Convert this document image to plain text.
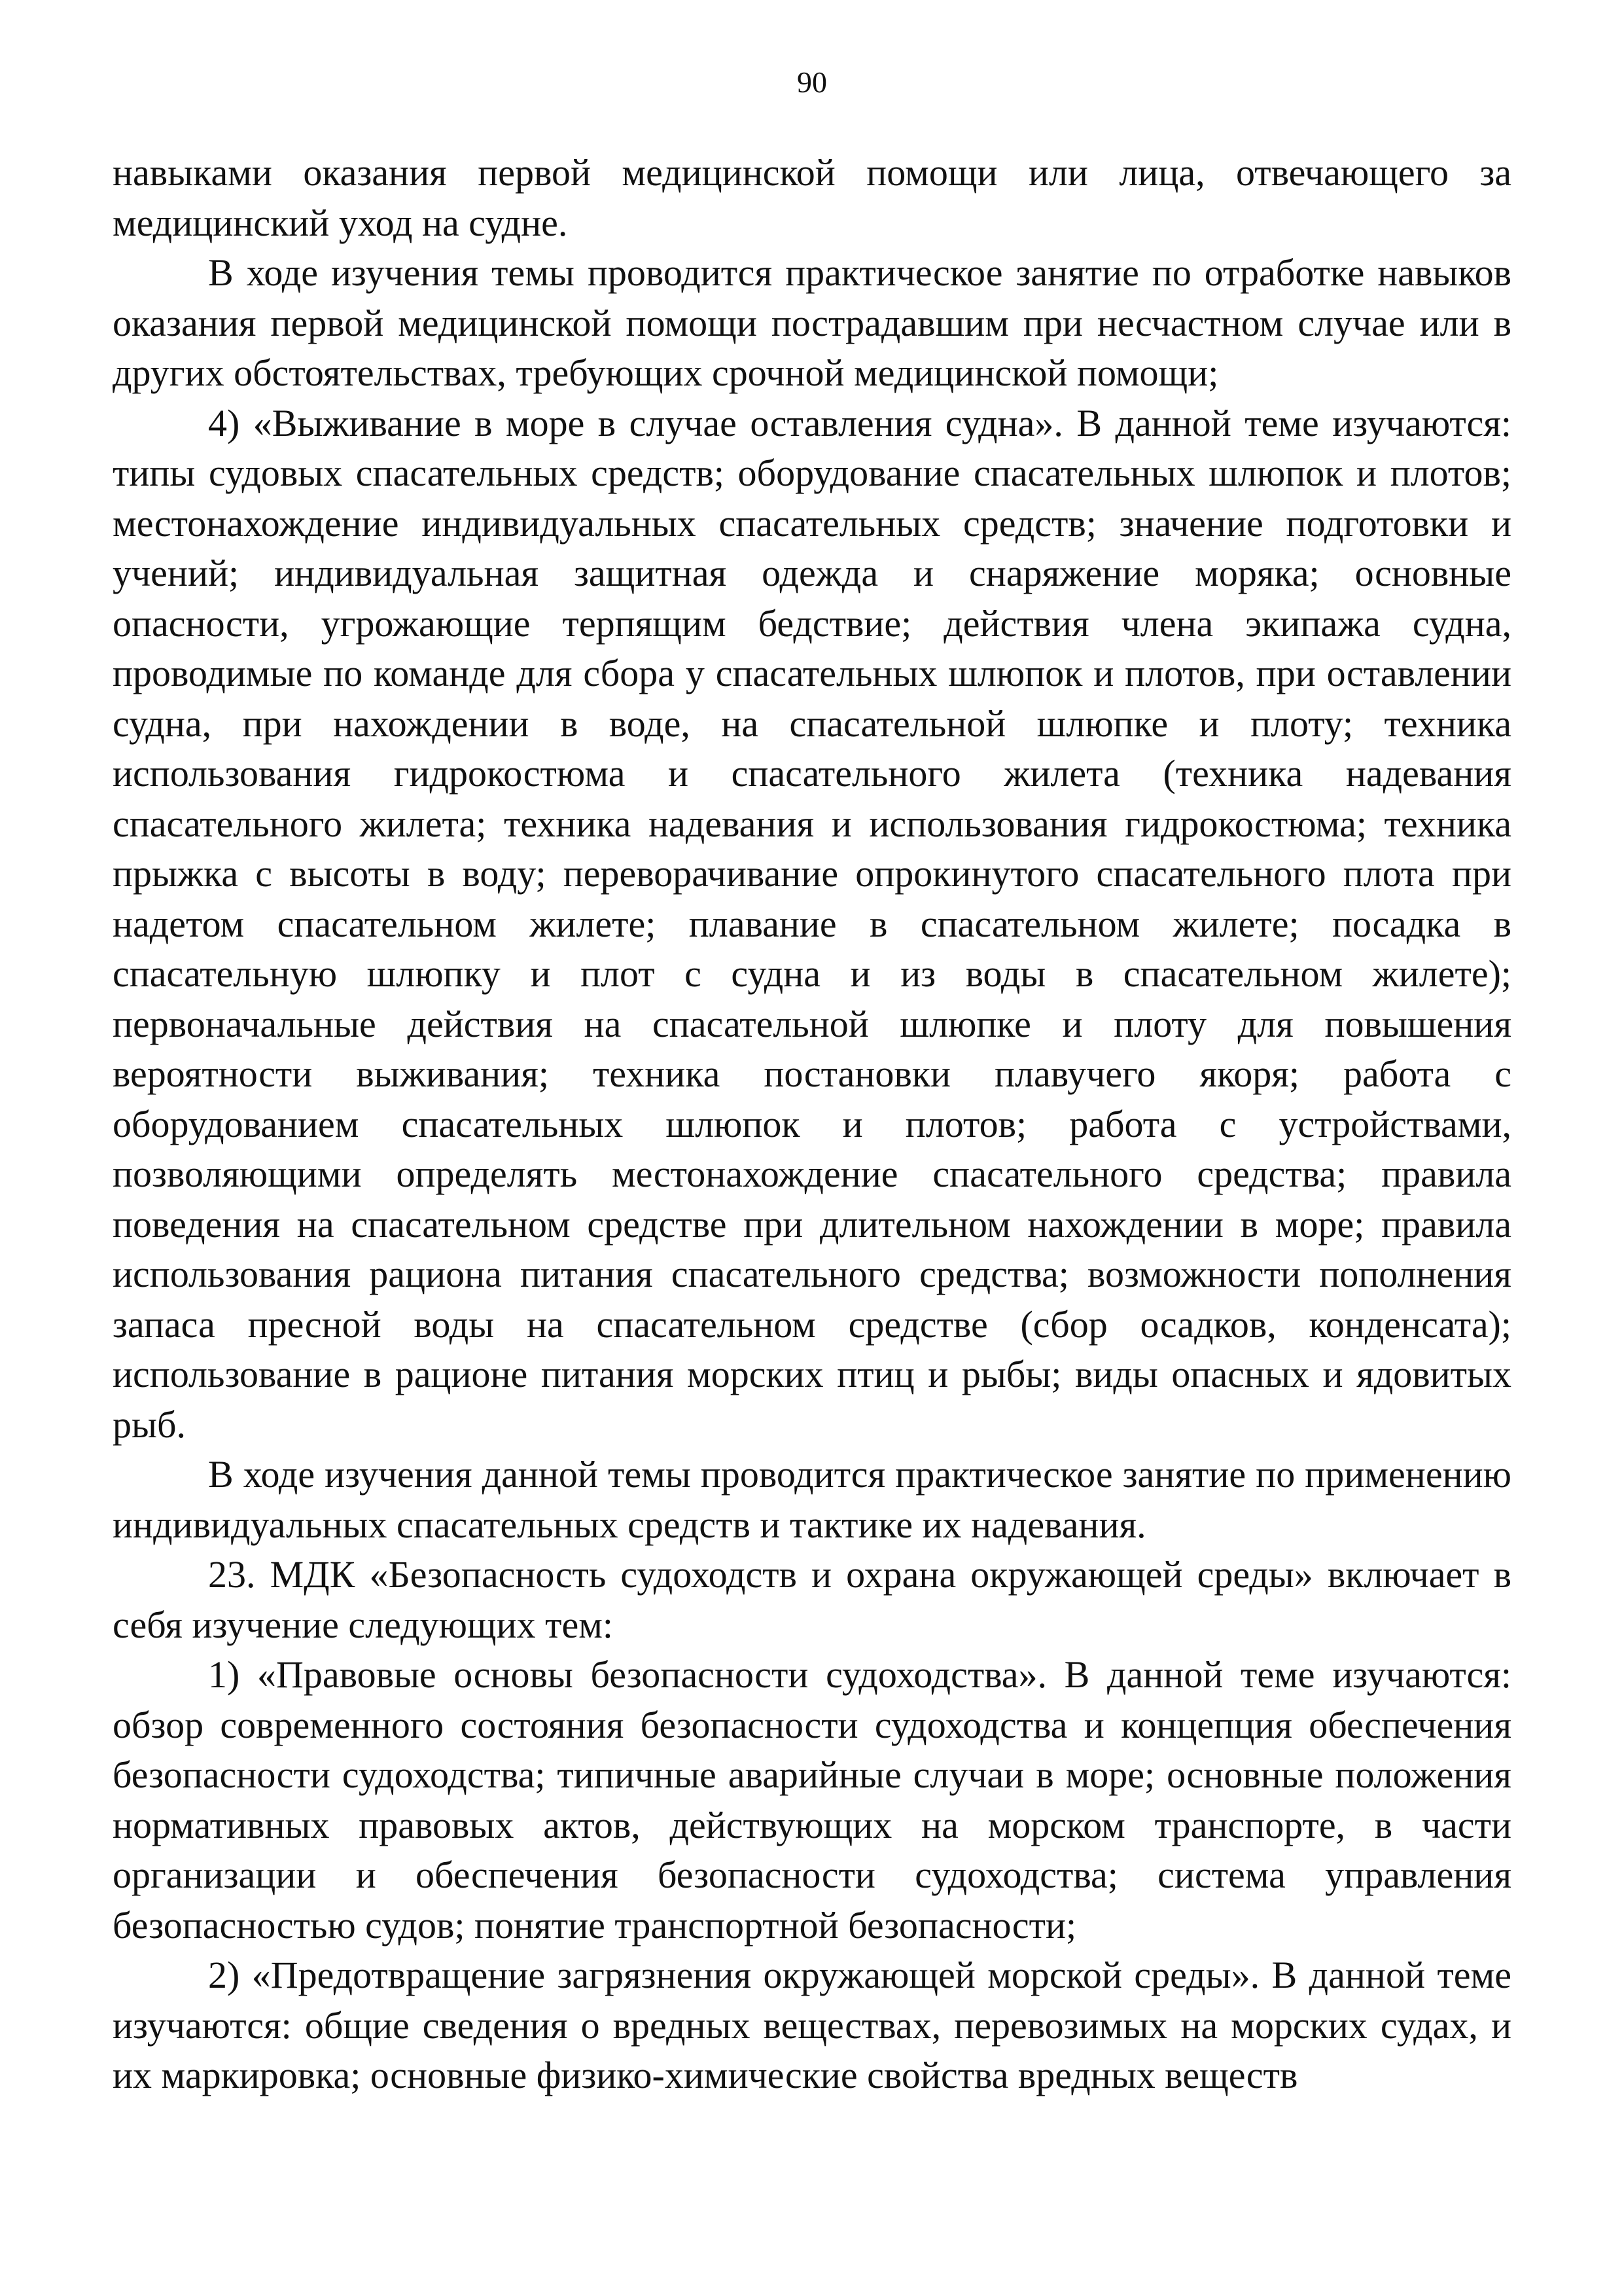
90

навыками оказания первой медицинской помощи или лица, отвечающего за медицинский уход на судне.

В ходе изучения темы проводится практическое занятие по отработке навыков оказания первой медицинской помощи пострадавшим при несчастном случае или в других обстоятельствах, требующих срочной медицинской помощи;

4) «Выживание в море в случае оставления судна». В данной теме изучаются: типы судовых спасательных средств; оборудование спасательных шлюпок и плотов; местонахождение индивидуальных спасательных средств; значение подготовки и учений; индивидуальная защитная одежда и снаряжение моряка; основные опасности, угрожающие терпящим бедствие; действия члена экипажа судна, проводимые по команде для сбора у спасательных шлюпок и плотов, при оставлении судна, при нахождении в воде, на спасательной шлюпке и плоту; техника использования гидрокостюма и спасательного жилета (техника надевания спасательного жилета; техника надевания и использования гидрокостюма; техника прыжка с высоты в воду; переворачивание опрокинутого спасательного плота при надетом спасательном жилете; плавание в спасательном жилете; посадка в спасательную шлюпку и плот с судна и из воды в спасательном жилете); первоначальные действия на спасательной шлюпке и плоту для повышения вероятности выживания; техника постановки плавучего якоря; работа с оборудованием спасательных шлюпок и плотов; работа с устройствами, позволяющими определять местонахождение спасательного средства; правила поведения на спасательном средстве при длительном нахождении в море; правила использования рациона питания спасательного средства; возможности пополнения запаса пресной воды на спасательном средстве (сбор осадков, конденсата); использование в рационе питания морских птиц и рыбы; виды опасных и ядовитых рыб.

В ходе изучения данной темы проводится практическое занятие по применению индивидуальных спасательных средств и тактике их надевания.

23. МДК «Безопасность судоходств и охрана окружающей среды» включает в себя изучение следующих тем:

1) «Правовые основы безопасности судоходства». В данной теме изучаются: обзор современного состояния безопасности судоходства и концепция обеспечения безопасности судоходства; типичные аварийные случаи в море; основные положения нормативных правовых актов, действующих на морском транспорте, в части организации и обеспечения безопасности судоходства; система управления безопасностью судов; понятие транспортной безопасности;

2) «Предотвращение загрязнения окружающей морской среды». В данной теме изучаются: общие сведения о вредных веществах, перевозимых на морских судах, и их маркировка; основные физико-химические свойства вредных веществ
